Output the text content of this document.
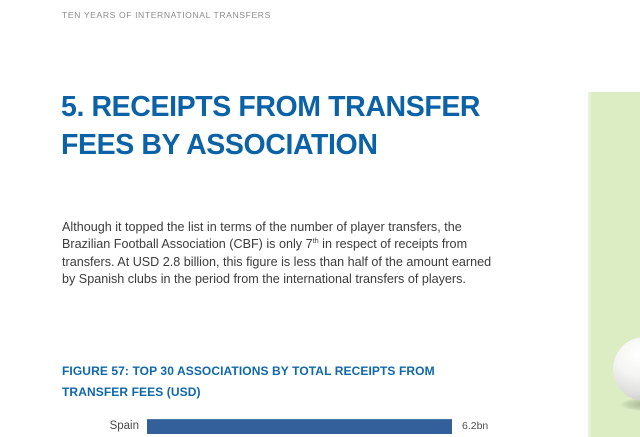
TEN YEARS OF INTERNATIONAL TRANSFERS
5. RECEIPTS FROM TRANSFER
FEES BY ASSOCIATION
Although it topped the list in terms of the number of player transfers, the
Brazilian Football Association (CBF) is only 7th in respect of receipts from
transfers. At USD 2.8 billion, this figure is less than half of the amount earned
by Spanish clubs in the period from the international transfers of players.
FIGURE 57: TOP 30 ASSOCIATIONS BY TOTAL RECEIPTS FROM
TRANSFER FEES (USD)
Spain	6.2bn
